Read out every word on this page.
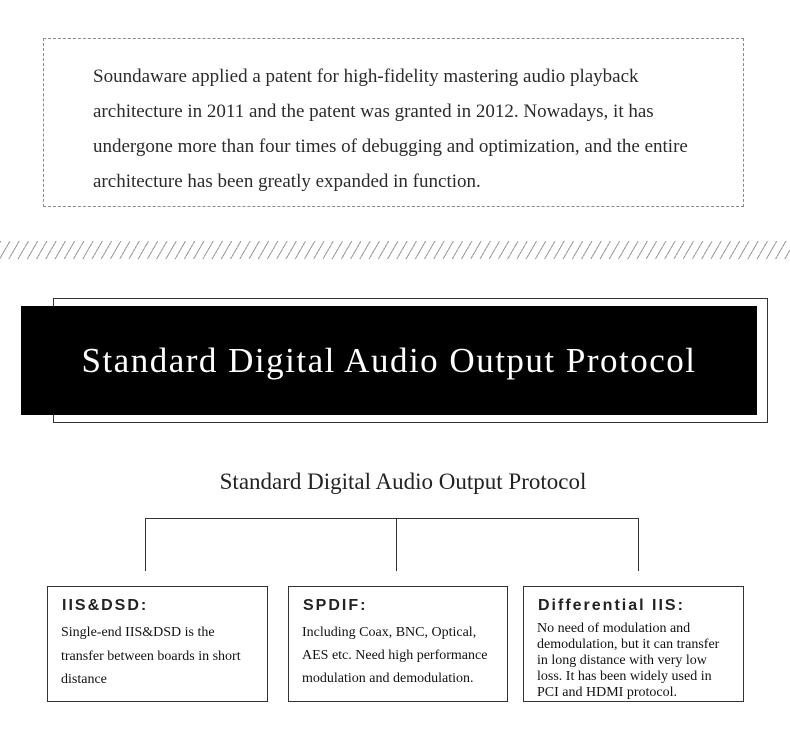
Soundaware applied a patent for high-fidelity mastering audio playback architecture in 2011 and the patent was granted in 2012. Nowadays, it has undergone more than four times of debugging and optimization, and the entire architecture has been greatly expanded in function.

Standard Digital Audio Output Protocol
Standard Digital Audio Output Protocol
IIS&DSD:
Single-end IIS&DSD is the transfer between boards in short distance
SPDIF:
Including Coax, BNC, Optical, AES etc. Need high performance modulation and demodulation.
Differential IIS:
No need of modulation and demodulation, but it can transfer in long distance with very low loss. It has been widely used in PCI and HDMI protocol.
